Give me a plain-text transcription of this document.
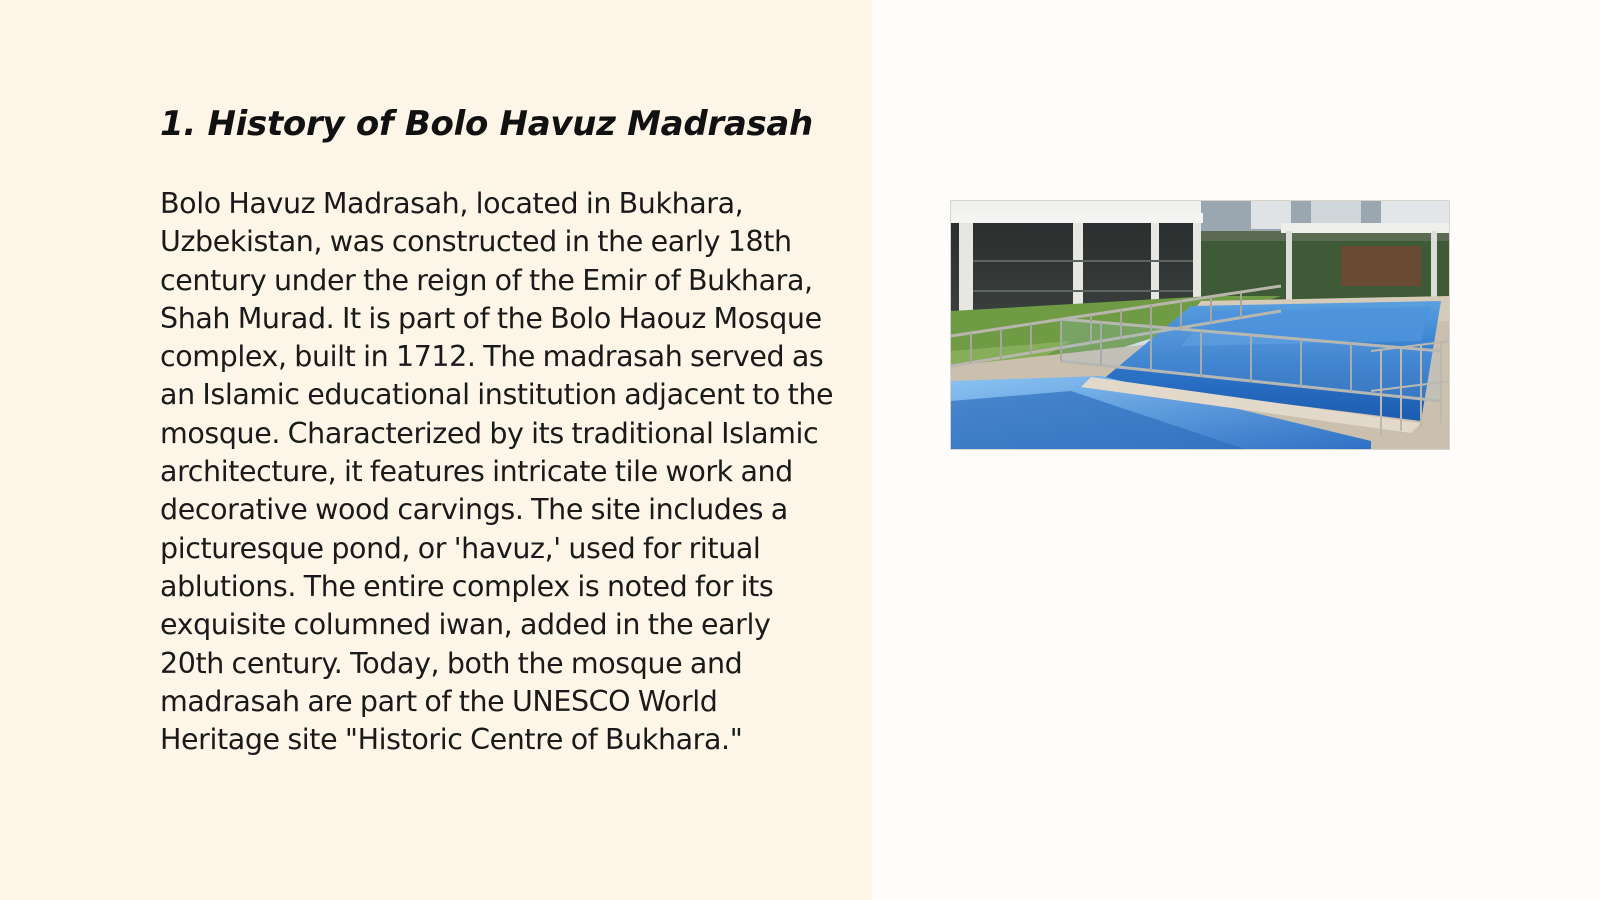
1. History of Bolo Havuz Madrasah

Bolo Havuz Madrasah, located in Bukhara, Uzbekistan, was constructed in the early 18th century under the reign of the Emir of Bukhara, Shah Murad. It is part of the Bolo Haouz Mosque complex, built in 1712. The madrasah served as an Islamic educational institution adjacent to the mosque. Characterized by its traditional Islamic architecture, it features intricate tile work and decorative wood carvings. The site includes a picturesque pond, or 'havuz,' used for ritual ablutions. The entire complex is noted for its exquisite columned iwan, added in the early 20th century. Today, both the mosque and madrasah are part of the UNESCO World Heritage site "Historic Centre of Bukhara."
